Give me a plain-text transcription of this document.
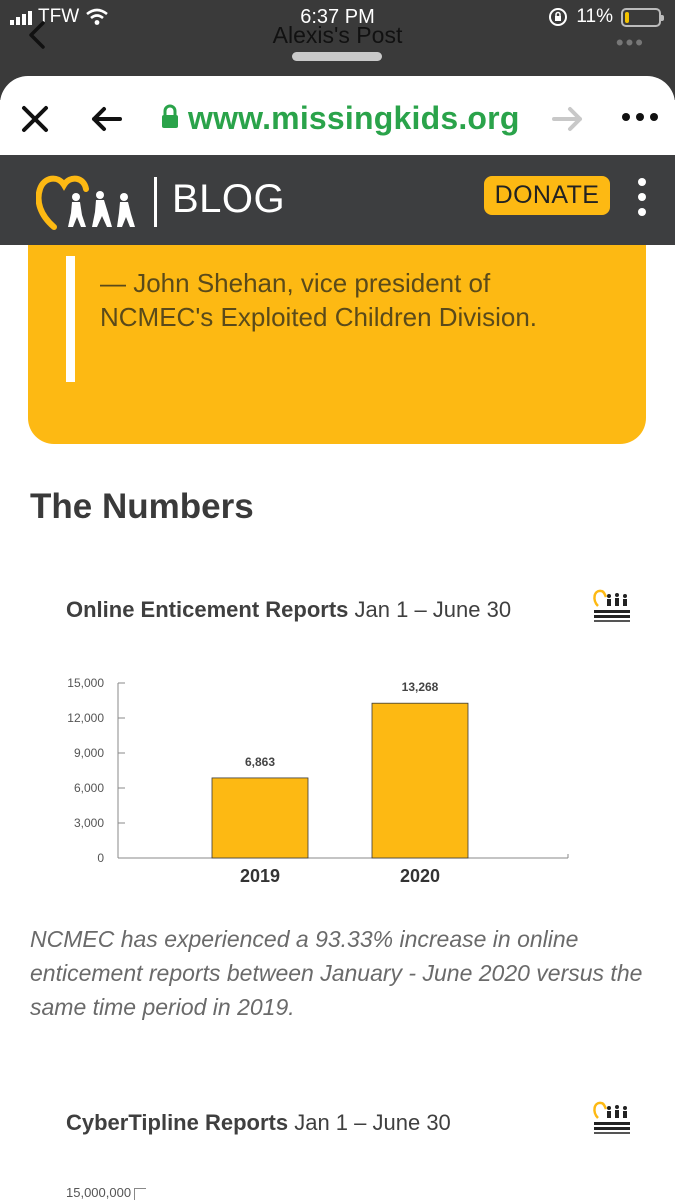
TFW	6:37 PM	11%
Alexis's Post	•••
www.missingkids.org
— John Shehan, vice president of NCMEC's Exploited Children Division.
BLOG	DONATE
The Numbers
Online Enticement Reports Jan 1 – June 30
0
3,000
6,000
9,000
12,000
15,000
6,863
2019
13,268
2020
NCMEC has experienced a 93.33% increase in online enticement reports between January - June 2020 versus the same time period in 2019.
CyberTipline Reports Jan 1 – June 30
15,000,000
